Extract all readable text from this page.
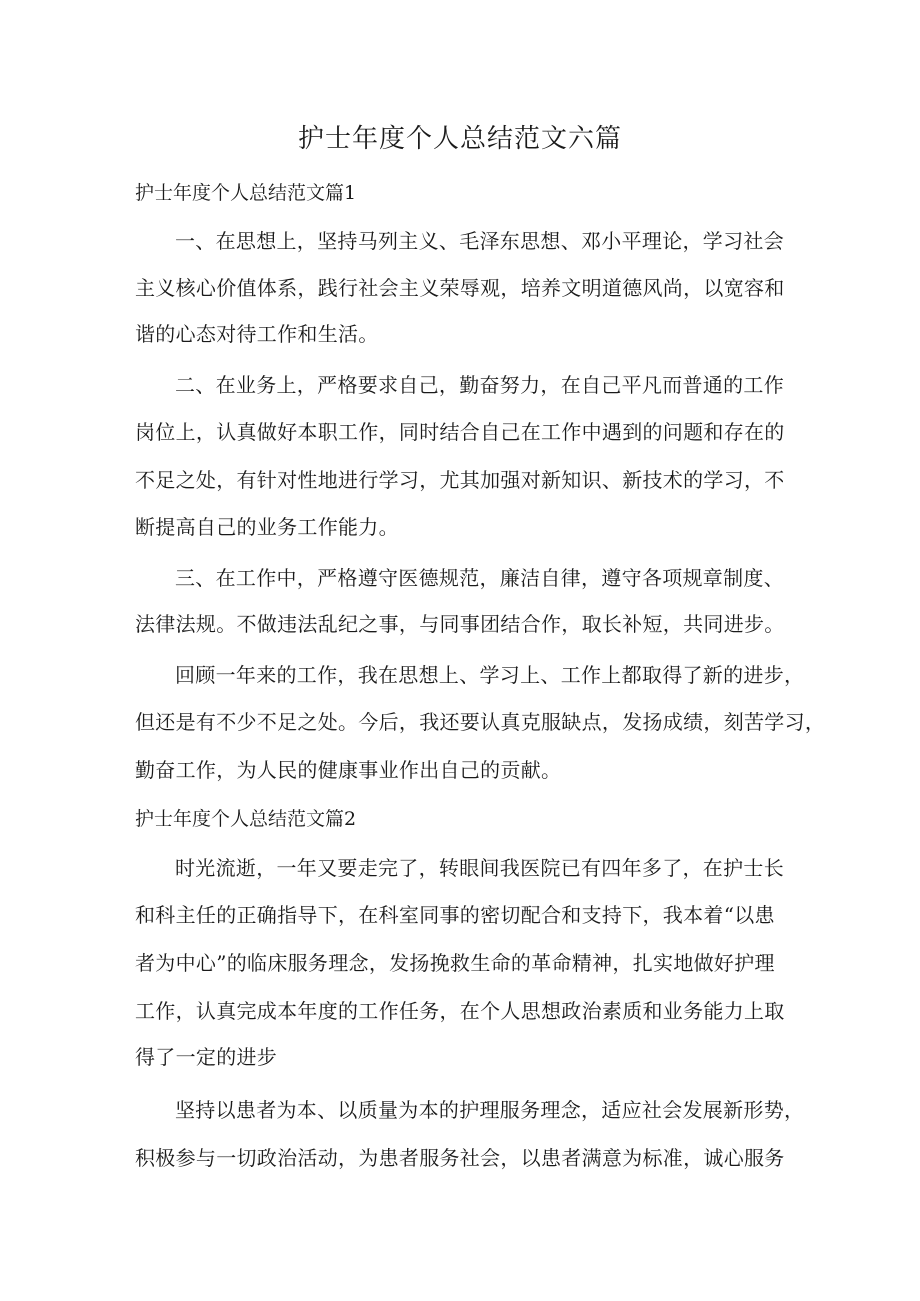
护士年度个人总结范文六篇
护士年度个人总结范文篇1
一、在思想上，坚持马列主义、毛泽东思想、邓小平理论，学习社会
主义核心价值体系，践行社会主义荣辱观，培养文明道德风尚，以宽容和
谐的心态对待工作和生活。
二、在业务上，严格要求自己，勤奋努力，在自己平凡而普通的工作
岗位上，认真做好本职工作，同时结合自己在工作中遇到的问题和存在的
不足之处，有针对性地进行学习，尤其加强对新知识、新技术的学习，不
断提高自己的业务工作能力。
三、在工作中，严格遵守医德规范，廉洁自律，遵守各项规章制度、
法律法规。不做违法乱纪之事，与同事团结合作，取长补短，共同进步。
回顾一年来的工作，我在思想上、学习上、工作上都取得了新的进步，
但还是有不少不足之处。今后，我还要认真克服缺点，发扬成绩，刻苦学习，
勤奋工作，为人民的健康事业作出自己的贡献。
护士年度个人总结范文篇2
时光流逝，一年又要走完了，转眼间我医院已有四年多了，在护士长
和科主任的正确指导下，在科室同事的密切配合和支持下，我本着“以患
者为中心”的临床服务理念，发扬挽救生命的革命精神，扎实地做好护理
工作，认真完成本年度的工作任务，在个人思想政治素质和业务能力上取
得了一定的进步
坚持以患者为本、以质量为本的护理服务理念，适应社会发展新形势，
积极参与一切政治活动，为患者服务社会，以患者满意为标准，诚心服务
